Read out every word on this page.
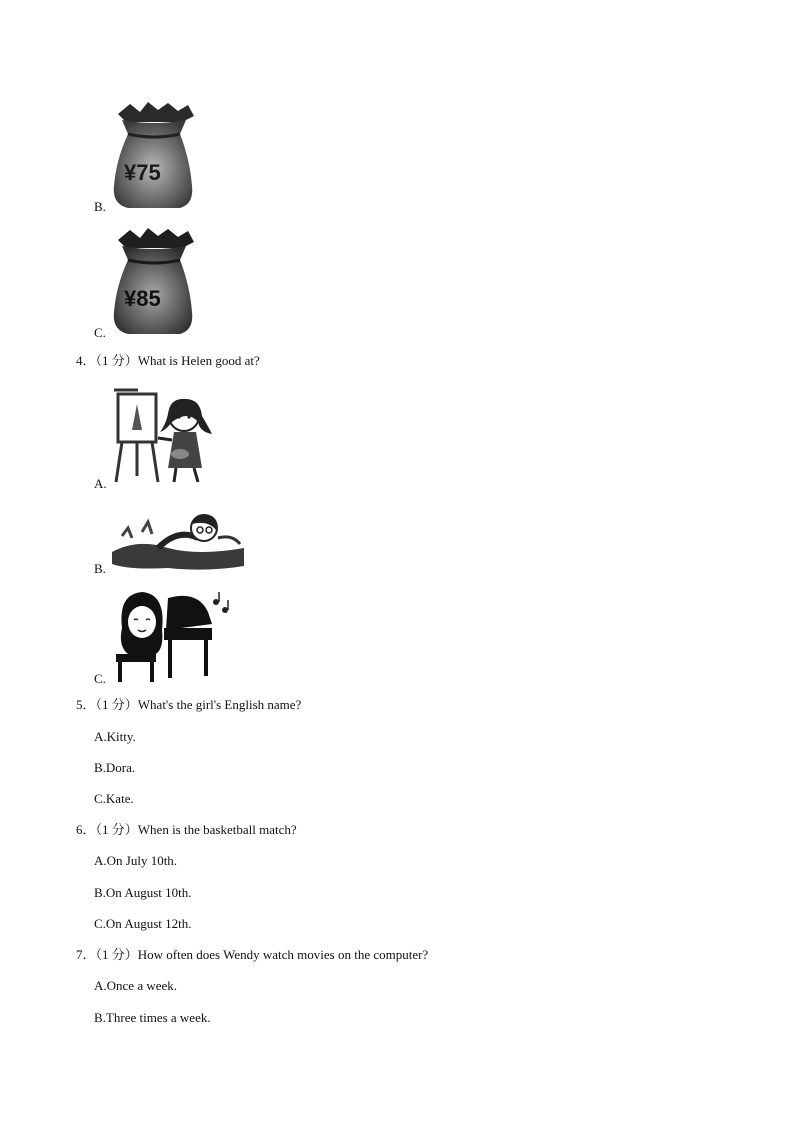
B.
¥75
C.
¥85
4．（1 分）What is Helen good at?
A.
B.
C.
5．（1 分）What's the girl's English name?
A.Kitty.
B.Dora.
C.Kate.
6．（1 分）When is the basketball match?
A.On July 10th.
B.On August 10th.
C.On August 12th.
7．（1 分）How often does Wendy watch movies on the computer?
A.Once a week.
B.Three times a week.
